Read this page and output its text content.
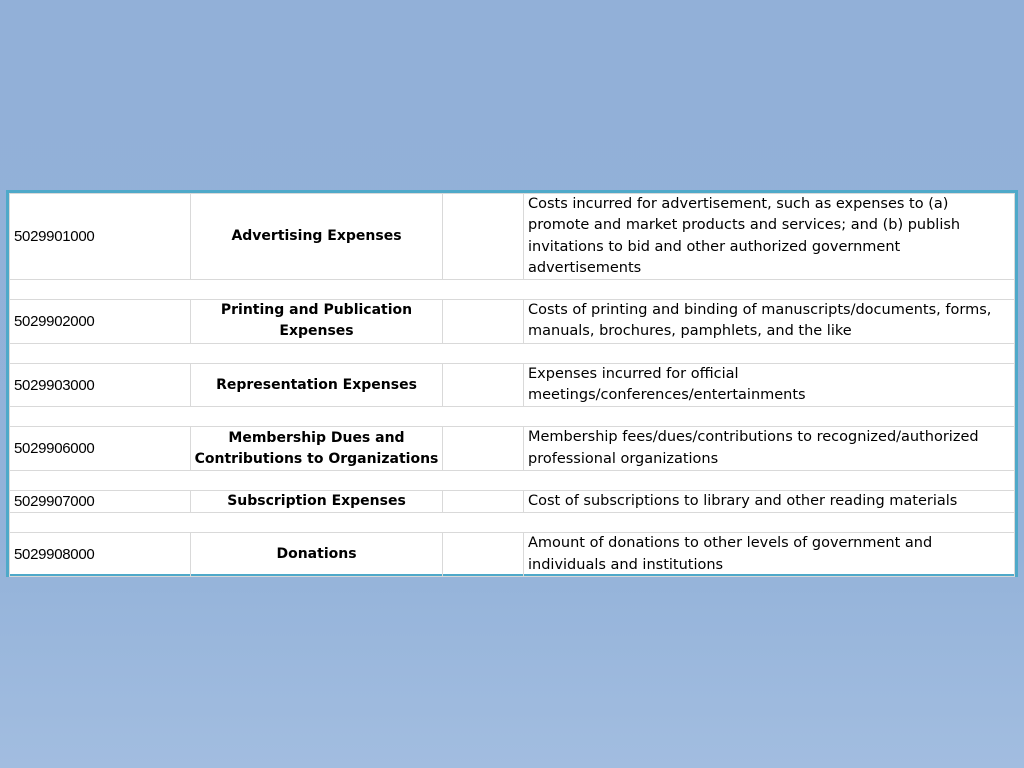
5029901000	Advertising Expenses		Costs incurred for advertisement, such as expenses to (a) promote and market products and services; and (b) publish invitations to bid and other authorized government advertisements

5029902000	Printing and Publication Expenses		Costs of printing and binding of manuscripts/documents, forms, manuals, brochures, pamphlets, and the like

5029903000	Representation Expenses		Expenses incurred for official meetings/conferences/entertainments

5029906000	Membership Dues and Contributions to Organizations		Membership fees/dues/contributions to recognized/authorized professional organizations

5029907000	Subscription Expenses		Cost of subscriptions to library and other reading materials

5029908000	Donations		Amount of donations to other levels of government and individuals and institutions
